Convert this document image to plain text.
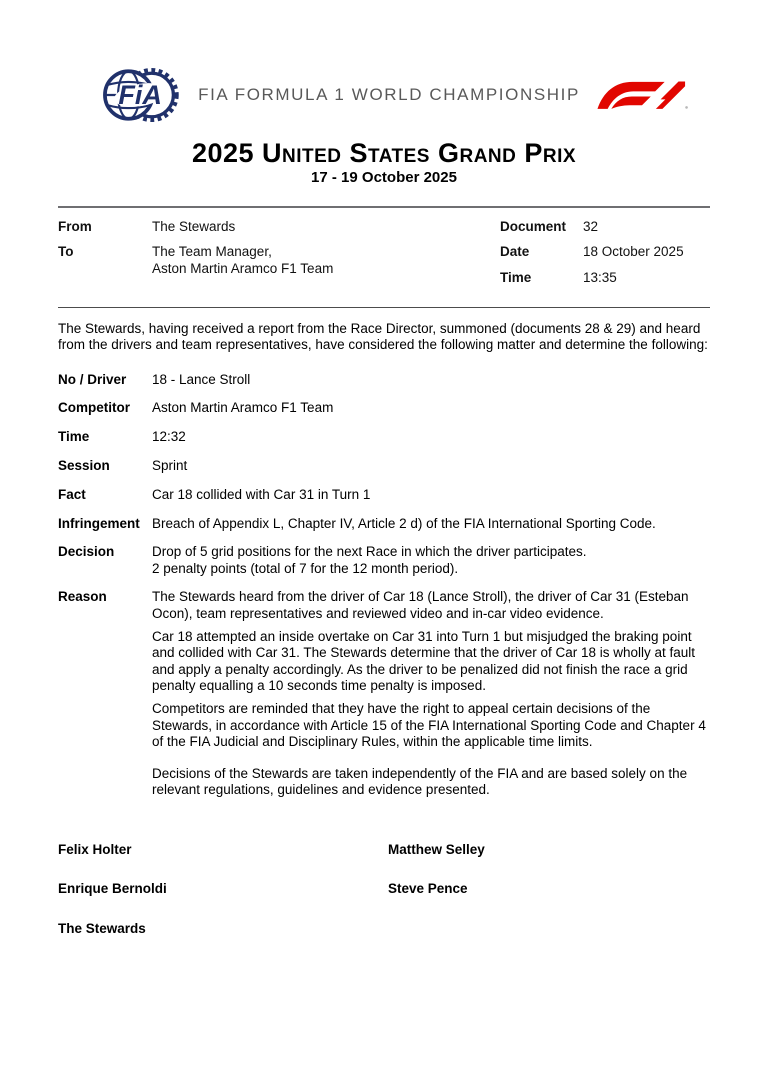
FiA	FIA FORMULA 1 WORLD CHAMPIONSHIP
2025 United States Grand Prix
17 - 19 October 2025
From	The Stewards
To	The Team Manager,
Aston Martin Aramco F1 Team
Document	32
Date	18 October 2025
Time	13:35

The Stewards, having received a report from the Race Director, summoned (documents 28 & 29) and heard from the drivers and team representatives, have considered the following matter and determine the following:

No / Driver	18 - Lance Stroll
Competitor	Aston Martin Aramco F1 Team
Time	12:32
Session	Sprint
Fact	Car 18 collided with Car 31 in Turn 1
Infringement Breach of Appendix L, Chapter IV, Article 2 d) of the FIA International Sporting Code.
Decision	Drop of 5 grid positions for the next Race in which the driver participates.
2 penalty points (total of 7 for the 12 month period).
Reason	The Stewards heard from the driver of Car 18 (Lance Stroll), the driver of Car 31 (Esteban Ocon), team representatives and reviewed video and in-car video evidence.

Car 18 attempted an inside overtake on Car 31 into Turn 1 but misjudged the braking point and collided with Car 31. The Stewards determine that the driver of Car 18 is wholly at fault and apply a penalty accordingly. As the driver to be penalized did not finish the race a grid penalty equalling a 10 seconds time penalty is imposed.

Competitors are reminded that they have the right to appeal certain decisions of the Stewards, in accordance with Article 15 of the FIA International Sporting Code and Chapter 4 of the FIA Judicial and Disciplinary Rules, within the applicable time limits.

Decisions of the Stewards are taken independently of the FIA and are based solely on the relevant regulations, guidelines and evidence presented.

Felix Holter	Matthew Selley
Enrique Bernoldi	Steve Pence
The Stewards
